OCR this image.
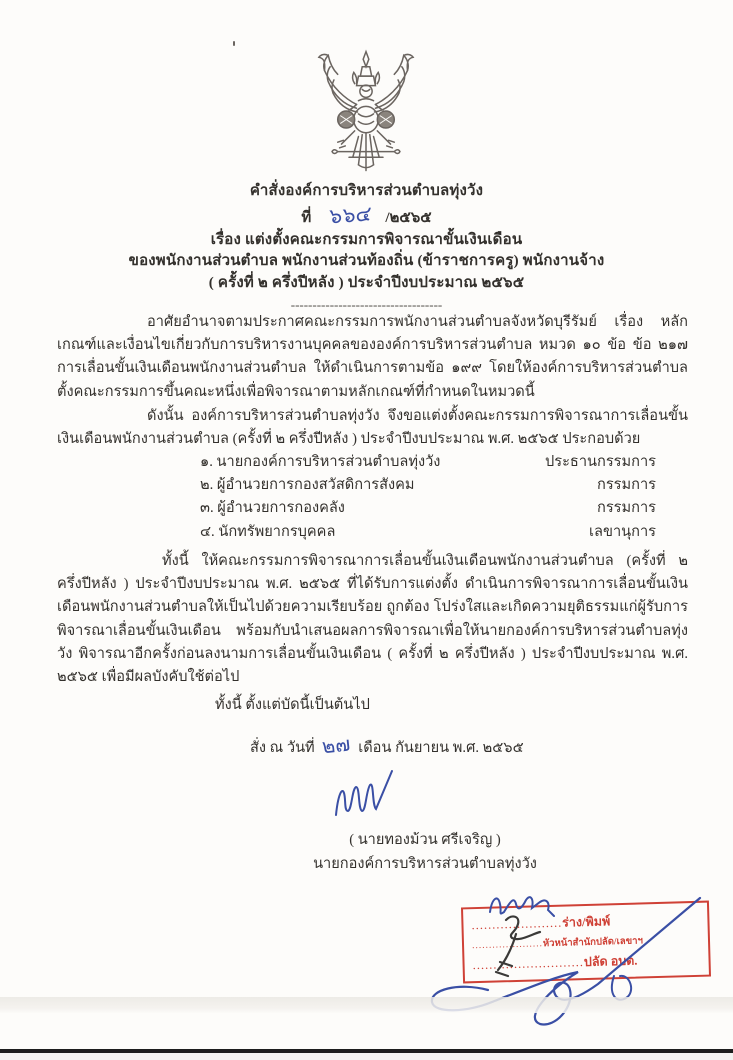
คำสั่งองค์การบริหารส่วนตำบลทุ่งวัง
ที่ ๖๖๔ /๒๕๖๕
เรื่อง แต่งตั้งคณะกรรมการพิจารณาขั้นเงินเดือน
ของพนักงานส่วนตำบล พนักงานส่วนท้องถิ่น (ข้าราชการครู) พนักงานจ้าง
( ครั้งที่ ๒ ครึ่งปีหลัง ) ประจำปีงบประมาณ ๒๕๖๕
-----------------------------------

อาศัยอำนาจตามประกาศคณะกรรมการพนักงานส่วนตำบลจังหวัดบุรีรัมย์ เรื่อง หลักเกณฑ์และเงื่อนไขเกี่ยวกับการบริหารงานบุคคลขององค์การบริหารส่วนตำบล หมวด ๑๐ ข้อ ข้อ ๒๑๗ การเลื่อนขั้นเงินเดือนพนักงานส่วนตำบล ให้ดำเนินการตามข้อ ๑๙๙ โดยให้องค์การบริหารส่วนตำบลตั้งคณะกรรมการขึ้นคณะหนึ่งเพื่อพิจารณาตามหลักเกณฑ์ที่กำหนดในหมวดนี้

ดังนั้น องค์การบริหารส่วนตำบลทุ่งวัง จึงขอแต่งตั้งคณะกรรมการพิจารณาการเลื่อนขั้นเงินเดือนพนักงานส่วนตำบล (ครั้งที่ ๒ ครึ่งปีหลัง ) ประจำปีงบประมาณ พ.ศ. ๒๕๖๕ ประกอบด้วย

๑. นายกองค์การบริหารส่วนตำบลทุ่งวัง	ประธานกรรมการ
๒. ผู้อำนวยการกองสวัสดิการสังคม	กรรมการ
๓. ผู้อำนวยการกองคลัง	กรรมการ
๔. นักทรัพยากรบุคคล	เลขานุการ

ทั้งนี้ ให้คณะกรรมการพิจารณาการเลื่อนขั้นเงินเดือนพนักงานส่วนตำบล (ครั้งที่ ๒ ครึ่งปีหลัง ) ประจำปีงบประมาณ พ.ศ. ๒๕๖๕ ที่ได้รับการแต่งตั้ง ดำเนินการพิจารณาการเลื่อนขั้นเงินเดือนพนักงานส่วนตำบลให้เป็นไปด้วยความเรียบร้อย ถูกต้อง โปร่งใสและเกิดความยุติธรรมแก่ผู้รับการพิจารณาเลื่อนขั้นเงินเดือน พร้อมกับนำเสนอผลการพิจารณาเพื่อให้นายกองค์การบริหารส่วนตำบลทุ่งวัง พิจารณาอีกครั้งก่อนลงนามการเลื่อนขั้นเงินเดือน ( ครั้งที่ ๒ ครึ่งปีหลัง ) ประจำปีงบประมาณ พ.ศ. ๒๕๖๕ เพื่อมีผลบังคับใช้ต่อไป

ทั้งนี้ ตั้งแต่บัดนี้เป็นต้นไป
สั่ง ณ วันที่ ๒๗ เดือน กันยายน พ.ศ. ๒๕๖๕
( นายทองม้วน ศรีเจริญ )
นายกองค์การบริหารส่วนตำบลทุ่งวัง
......................ร่าง/พิมพ์
.....................หัวหน้าสำนักปลัด/เลขาฯ
...........................ปลัด อบต.
